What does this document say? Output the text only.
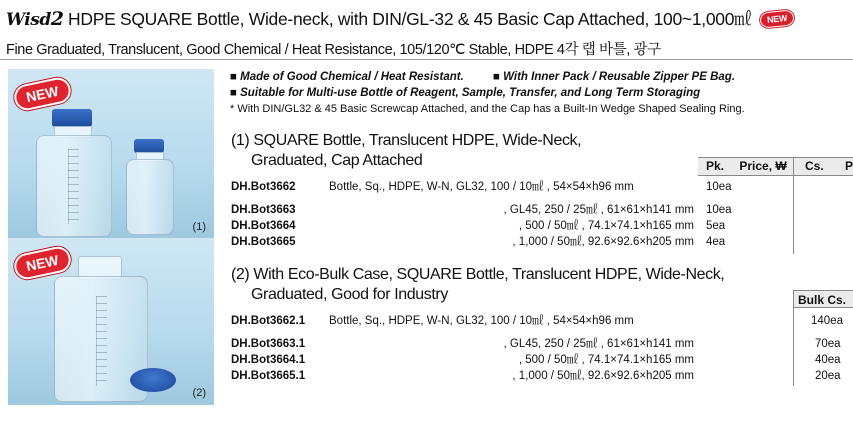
Wisd2 HDPE SQUARE Bottle, Wide-neck, with DIN/GL-32 & 45 Basic Cap Attached, 100~1,000㎖ NEW
Fine Graduated, Translucent, Good Chemical / Heat Resistance, 105/120℃ Stable, HDPE 4각 랩 바틀, 광구
NEW
(1)
NEW
(2)
■ Made of Good Chemical / Heat Resistant.	■ With Inner Pack / Reusable Zipper PE Bag.
■ Suitable for Multi-use Bottle of Reagent, Sample, Transfer, and Long Term Storaging
* With DIN/GL32 & 45 Basic Screwcap Attached, and the Cap has a Built-In Wedge Shaped Sealing Ring.
(1) SQUARE Bottle, Translucent HDPE, Wide-Neck,
Graduated, Cap Attached	Pk. Price, ₩	Cs. P
DH.Bot3662	Bottle, Sq., HDPE, W-N, GL32, 100 / 10㎖ , 54×54×h96 mm	10ea
DH.Bot3663	, GL45, 250 / 25㎖ , 61×61×h141 mm 10ea
DH.Bot3664	, 500 / 50㎖ , 74.1×74.1×h165 mm 5ea
DH.Bot3665	, 1,000 / 50㎖, 92.6×92.6×h205 mm 4ea
(2) With Eco-Bulk Case, SQUARE Bottle, Translucent HDPE, Wide-Neck,
Graduated, Good for Industry	Bulk Cs.
DH.Bot3662.1 Bottle, Sq., HDPE, W-N, GL32, 100 / 10㎖ , 54×54×h96 mm	140ea
DH.Bot3663.1	, GL45, 250 / 25㎖ , 61×61×h141 mm	70ea
DH.Bot3664.1	, 500 / 50㎖ , 74.1×74.1×h165 mm	40ea
DH.Bot3665.1	, 1,000 / 50㎖, 92.6×92.6×h205 mm	20ea
